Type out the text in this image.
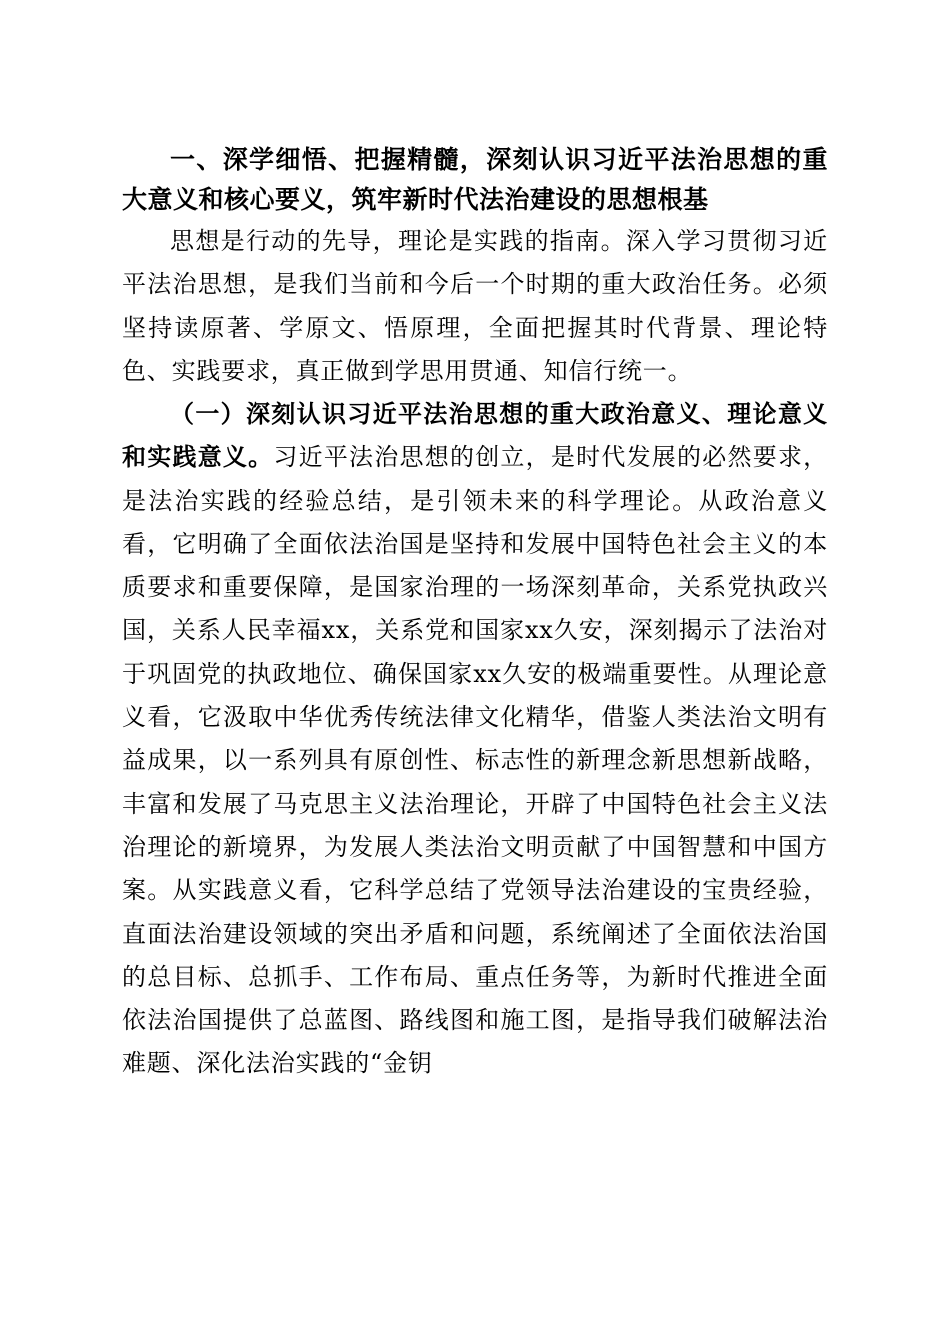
一、深学细悟、把握精髓，深刻认识习近平法治思想的重大意义和核心要义，筑牢新时代法治建设的思想根基

思想是行动的先导，理论是实践的指南。深入学习贯彻习近平法治思想，是我们当前和今后一个时期的重大政治任务。必须坚持读原著、学原文、悟原理，全面把握其时代背景、理论特色、实践要求，真正做到学思用贯通、知信行统一。

（一）深刻认识习近平法治思想的重大政治意义、理论意义和实践意义。习近平法治思想的创立，是时代发展的必然要求，是法治实践的经验总结，是引领未来的科学理论。从政治意义看，它明确了全面依法治国是坚持和发展中国特色社会主义的本质要求和重要保障，是国家治理的一场深刻革命，关系党执政兴国，关系人民幸福xx，关系党和国家xx久安，深刻揭示了法治对于巩固党的执政地位、确保国家xx久安的极端重要性。从理论意义看，它汲取中华优秀传统法律文化精华，借鉴人类法治文明有益成果，以一系列具有原创性、标志性的新理念新思想新战略，丰富和发展了马克思主义法治理论，开辟了中国特色社会主义法治理论的新境界，为发展人类法治文明贡献了中国智慧和中国方案。从实践意义看，它科学总结了党领导法治建设的宝贵经验，直面法治建设领域的突出矛盾和问题，系统阐述了全面依法治国的总目标、总抓手、工作布局、重点任务等，为新时代推进全面依法治国提供了总蓝图、路线图和施工图，是指导我们破解法治难题、深化法治实践的“金钥
